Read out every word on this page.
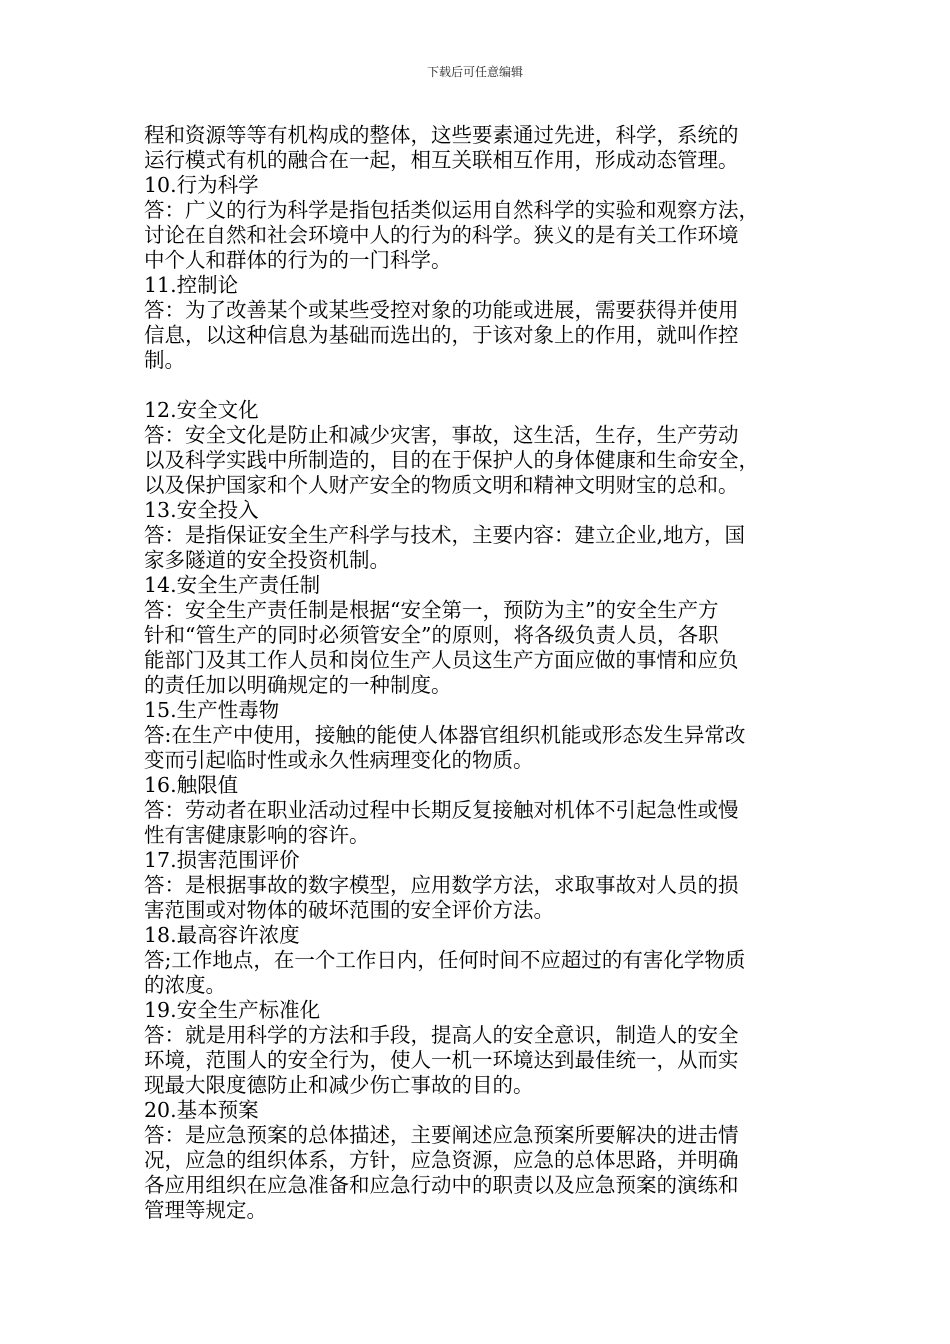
下载后可任意编辑
程和资源等等有机构成的整体，这些要素通过先进，科学，系统的
运行模式有机的融合在一起，相互关联相互作用，形成动态管理。
10.行为科学
答：广义的行为科学是指包括类似运用自然科学的实验和观察方法，
讨论在自然和社会环境中人的行为的科学。狭义的是有关工作环境
中个人和群体的行为的一门科学。
11.控制论
答：为了改善某个或某些受控对象的功能或进展，需要获得并使用
信息，以这种信息为基础而选出的，于该对象上的作用，就叫作控
制。
12.安全文化
答：安全文化是防止和减少灾害，事故，这生活，生存，生产劳动
以及科学实践中所制造的，目的在于保护人的身体健康和生命安全，
以及保护国家和个人财产安全的物质文明和精神文明财宝的总和。
13.安全投入
答：是指保证安全生产科学与技术，主要内容：建立企业,地方，国
家多隧道的安全投资机制。
14.安全生产责任制
答：安全生产责任制是根据“安全第一，预防为主”的安全生产方
针和“管生产的同时必须管安全”的原则，将各级负责人员，各职
能部门及其工作人员和岗位生产人员这生产方面应做的事情和应负
的责任加以明确规定的一种制度。
15.生产性毒物
答:在生产中使用，接触的能使人体器官组织机能或形态发生异常改
变而引起临时性或永久性病理变化的物质。
16.触限值
答：劳动者在职业活动过程中长期反复接触对机体不引起急性或慢
性有害健康影响的容许。
17.损害范围评价
答：是根据事故的数字模型，应用数学方法，求取事故对人员的损
害范围或对物体的破坏范围的安全评价方法。
18.最高容许浓度
答;工作地点，在一个工作日内，任何时间不应超过的有害化学物质
的浓度。
19.安全生产标准化
答：就是用科学的方法和手段，提高人的安全意识，制造人的安全
环境，范围人的安全行为，使人一机一环境达到最佳统一，从而实
现最大限度德防止和减少伤亡事故的目的。
20.基本预案
答：是应急预案的总体描述，主要阐述应急预案所要解决的进击情
况，应急的组织体系，方针，应急资源，应急的总体思路，并明确
各应用组织在应急准备和应急行动中的职责以及应急预案的演练和
管理等规定。
